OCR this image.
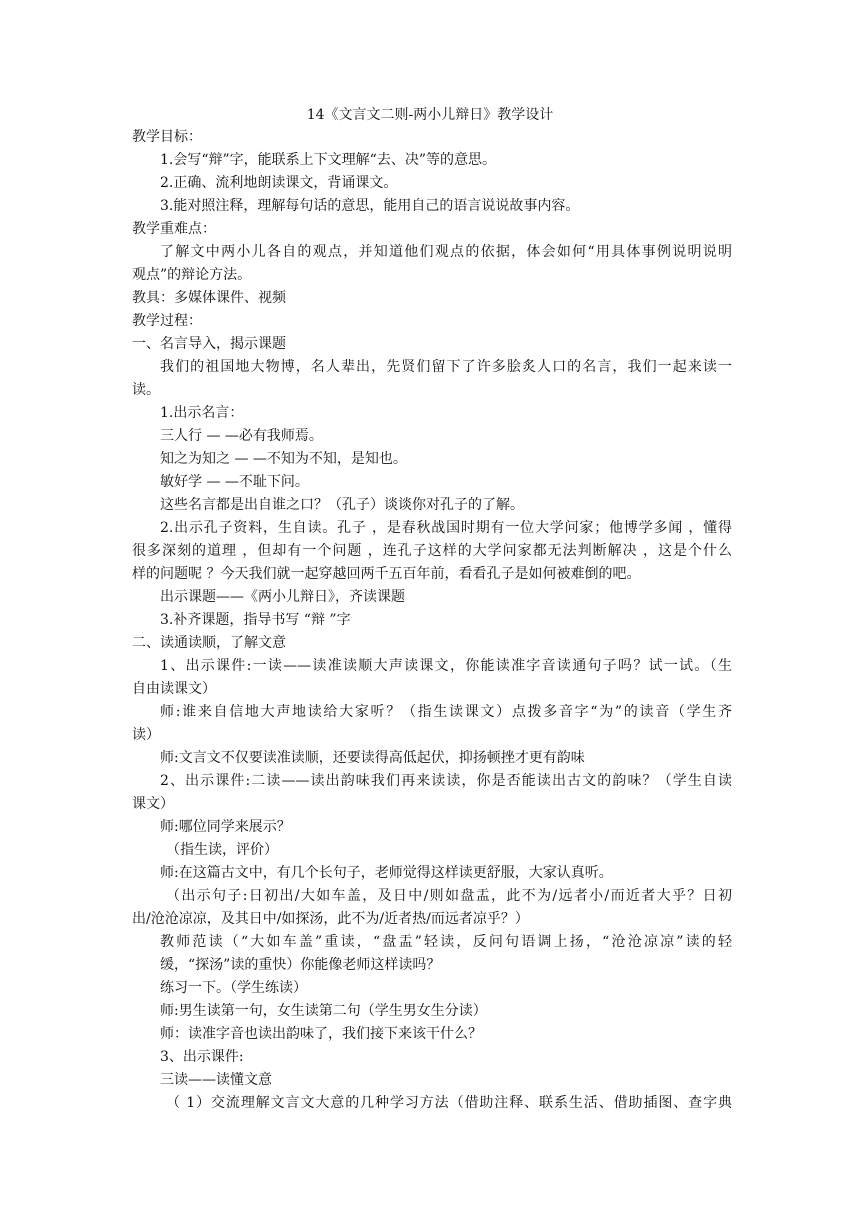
14《文言文二则-两小儿辩日》教学设计
教学目标：
1.会写“辩”字，能联系上下文理解“去、决”等的意思。
2.正确、流利地朗读课文，背诵课文。
3.能对照注释，理解每句话的意思，能用自己的语言说说故事内容。
教学重难点：
了解文中两小儿各自的观点，并知道他们观点的依据，体会如何“用具体事例说明说明
观点”的辩论方法。
教具：多媒体课件、视频
教学过程：
一、名言导入，揭示课题
我们的祖国地大物博，名人辈出，先贤们留下了许多脍炙人口的名言，我们一起来读一
读。
1.出示名言：
三人行 — —必有我师焉。
知之为知之 — —不知为不知，是知也。
敏好学 — —不耻下问。
这些名言都是出自谁之口？（孔子）谈谈你对孔子的了解。
2.出示孔子资料，生自读。孔子 ，是春秋战国时期有一位大学问家；他博学多闻 ，懂得
很多深刻的道理 ，但却有一个问题 ，连孔子这样的大学问家都无法判断解决 ，这是个什么
样的问题呢 ？今天我们就一起穿越回两千五百年前，看看孔子是如何被难倒的吧。
出示课题——《两小儿辩日》，齐读课题
3.补齐课题，指导书写 “辩 ”字
二、读通读顺，了解文意
1、出示课件:一读——读准读顺大声读课文，你能读准字音读通句子吗？试一试。（生
自由读课文）
师:谁来自信地大声地读给大家听？（指生读课文）点拨多音字“为”的读音（学生齐
读）
师:文言文不仅要读准读顺，还要读得高低起伏，抑扬顿挫才更有韵味
2、出示课件:二读——读出韵味我们再来读读，你是否能读出古文的韵味？（学生自读
课文）
师:哪位同学来展示？
（指生读，评价）
师:在这篇古文中，有几个长句子，老师觉得这样读更舒服，大家认真听。
（出示句子:日初出/大如车盖，及日中/则如盘盂，此不为/远者小/而近者大乎？日初
出/沧沧凉凉，及其日中/如探汤，此不为/近者热/而远者凉乎？）
教师范读（“大如车盖”重读，“盘盂”轻读，反问句语调上扬，“沧沧凉凉”读的轻
缓，“探汤”读的重快）你能像老师这样读吗？
练习一下。（学生练读）
师:男生读第一句，女生读第二句（学生男女生分读）
师：读准字音也读出韵味了，我们接下来该干什么？
3、出示课件:
三读——读懂文意
（ 1）交流理解文言文大意的几种学习方法（借助注释、联系生活、借助插图、查字典
